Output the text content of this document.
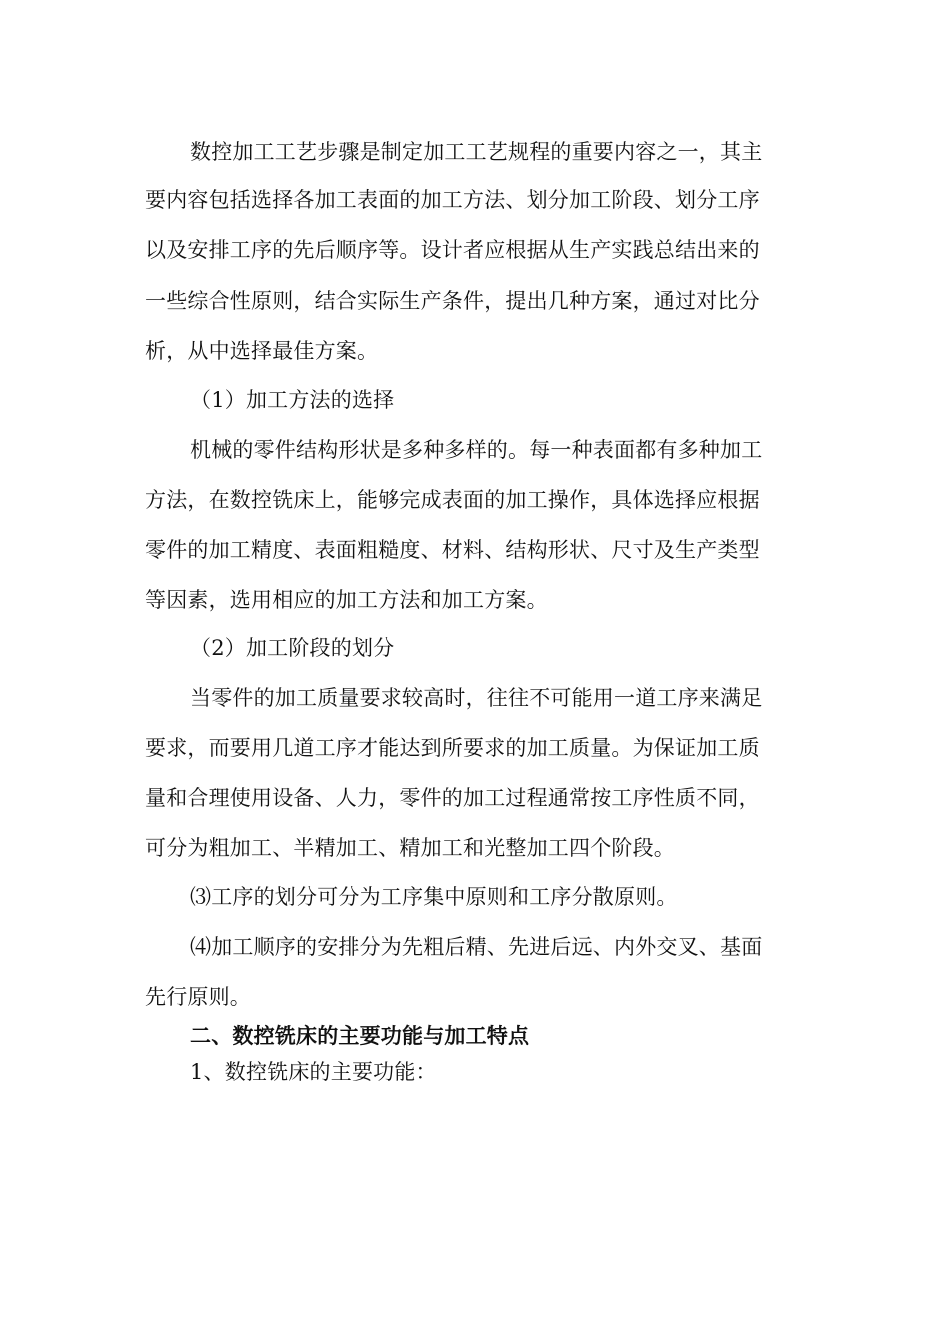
数控加工工艺步骤是制定加工工艺规程的重要内容之一，其主
要内容包括选择各加工表面的加工方法、划分加工阶段、划分工序
以及安排工序的先后顺序等。设计者应根据从生产实践总结出来的
一些综合性原则，结合实际生产条件，提出几种方案，通过对比分
析，从中选择最佳方案。
（1）加工方法的选择
机械的零件结构形状是多种多样的。每一种表面都有多种加工
方法，在数控铣床上，能够完成表面的加工操作，具体选择应根据
零件的加工精度、表面粗糙度、材料、结构形状、尺寸及生产类型
等因素，选用相应的加工方法和加工方案。
（2）加工阶段的划分
当零件的加工质量要求较高时，往往不可能用一道工序来满足
要求，而要用几道工序才能达到所要求的加工质量。为保证加工质
量和合理使用设备、人力，零件的加工过程通常按工序性质不同，
可分为粗加工、半精加工、精加工和光整加工四个阶段。
⑶工序的划分可分为工序集中原则和工序分散原则。
⑷加工顺序的安排分为先粗后精、先进后远、内外交叉、基面
先行原则。
二、数控铣床的主要功能与加工特点
1、数控铣床的主要功能：
